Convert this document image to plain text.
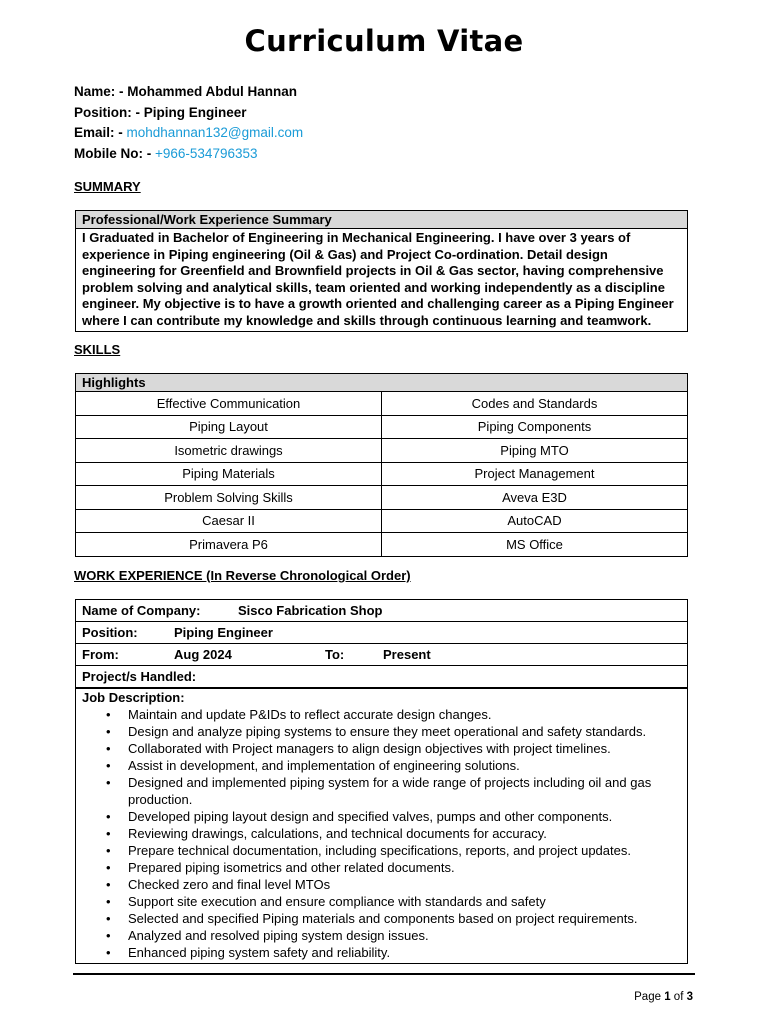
Curriculum Vitae
Name: - Mohammed Abdul Hannan
Position: - Piping Engineer
Email: - mohdhannan132@gmail.com
Mobile No: - +966-534796353
SUMMARY
Professional/Work Experience Summary
I Graduated in Bachelor of Engineering in Mechanical Engineering. I have over 3 years of experience in Piping engineering (Oil & Gas) and Project Co-ordination. Detail design engineering for Greenfield and Brownfield projects in Oil & Gas sector, having comprehensive problem solving and analytical skills, team oriented and working independently as a discipline engineer. My objective is to have a growth oriented and challenging career as a Piping Engineer where I can contribute my knowledge and skills through continuous learning and teamwork.
SKILLS
Highlights
Effective Communication	Codes and Standards
Piping Layout	Piping Components
Isometric drawings	Piping MTO
Piping Materials	Project Management
Problem Solving Skills	Aveva E3D
Caesar II	AutoCAD
Primavera P6	MS Office
WORK EXPERIENCE (In Reverse Chronological Order)
Name of Company:	Sisco Fabrication Shop
Position:	Piping Engineer
From:	Aug 2024	To:	Present
Project/s Handled:
Job Description:
• Maintain and update P&IDs to reflect accurate design changes.
• Design and analyze piping systems to ensure they meet operational and safety standards.
• Collaborated with Project managers to align design objectives with project timelines.
• Assist in development, and implementation of engineering solutions.
• Designed and implemented piping system for a wide range of projects including oil and gas production.
• Developed piping layout design and specified valves, pumps and other components.
• Reviewing drawings, calculations, and technical documents for accuracy.
• Prepare technical documentation, including specifications, reports, and project updates.
• Prepared piping isometrics and other related documents.
• Checked zero and final level MTOs
• Support site execution and ensure compliance with standards and safety
• Selected and specified Piping materials and components based on project requirements.
• Analyzed and resolved piping system design issues.
• Enhanced piping system safety and reliability.
Page 1 of 3
